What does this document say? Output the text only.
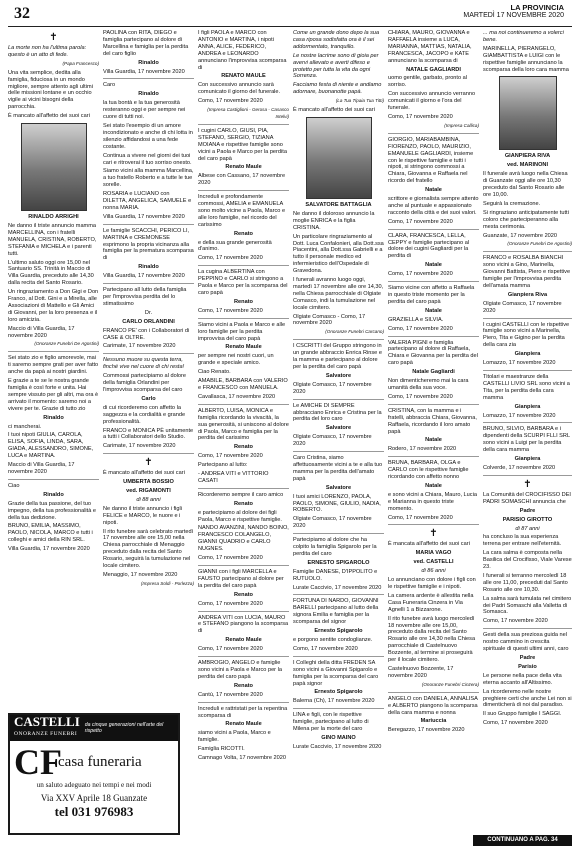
32	LA PROVINCIA
MARTEDÌ 17 NOVEMBRE 2020
✝

La morte non ha l'ultima parola: questo è un atto di fede.

(Papa Francesco)

Una vita semplice, dedita alla famiglia, fiduciosa in un mondo migliore, sempre attento agli ultimi delle missioni lontane e un occhio vigile ai vicini bisogni della parrocchia.

È mancato all'affetto dei suoi cari

RINALDO ARRIGHI

Ne danno il triste annuncio mamma MARCELLINA, con i fratelli MANUELA, CRISTINA, ROBERTO, STEFANIA e MICHELA e i parenti tutti.

L'ultimo saluto oggi ore 15,00 nel Santuario SS. Trinità in Maccio di Villa Guardia, preceduto alle 14,30 dalla recita del Santo Rosario.

Un ringraziamento a Don Gigi e Don Franco, al Dott. Gini e a Mirella, alle Associazioni di Mattello e Gli Amici di Giovanni, per la loro presenza e il loro amicizia.

Maccio di Villa Guardia, 17 novembre 2020

(Onoranze Funebri De Agostini)

Sei stato zio e figlio amorevole, mai ti saremo sempre grati per aver fatto anche da papà ai nostri giardini.

E grazie a te se le nostra grande famiglia è così forte e unita. Hai sempre vissuto per gli altri, ma ora è arrivato il momento: saremo noi a vivere per te. Grazie di tutto zio

Rinaldo

ci mancherai.

I tuoi nipoti GIULIA, CAROLA, ELISA, SOFIA, LINDA, SARA, GIADA, ALESSANDRO, SIMONE, LUCA e MARTINA.

Maccio di Villa Guardia, 17 novembre 2020

Ciao

Rinaldo

Grazie della tua passione, del tuo impegno, della tua professionalità e della tua dedizione.

BRUNO, EMILIA, MASSIMO, PAOLO, NICOLA, MARCO e tutti i colleghi e amici della RIN SRL.

Villa Guardia, 17 novembre 2020

PAOLINA con RITA, DIEGO e famiglia partecipano al dolore di Marcellina e famiglia per la perdita del caro figlio

Rinaldo

Villa Guardia, 17 novembre 2020

Caro

Rinaldo

la tua bontà e la tua generosità resteranno oggi e per sempre nei cuore di tutti noi.

Sei stato l'esempio di un amore incondizionato e anche di chi lotta in silenzio affidandosi a una fede costante.

Continua a vivere nel giorni dei tuoi cari e ritroverai il tuo sorriso onesto.

Siamo vicini alla mamma Marcellina, a tuo fratello Roberto e a tutte le tue sorelle.

ROSARIA e LUCIANO con DILETTA, ANGELICA, SAMUELE e nonna MARIA.

Villa Guardia, 17 novembre 2020

Le famiglie SCACCHI, PERICO LI, MARTINA e CREMONESE esprimono la propria vicinanza alla famiglia per la prematura scomparsa di

Rinaldo

Villa Guardia, 17 novembre 2020

Partecipano all lutto della famiglia per l'improvvisa perdita del lo stimatissimo

Dr.

CARLO ORLANDINI

FRANCO PE' con i Collaboratori di CASE & OLTRE.

Carimate, 17 novembre 2020

Nessuno muore su questa terra, finché vive nel cuore di chi resta!

Commossi partecipiamo al dolore della famiglia Orlandini per l'improvvisa scomparsa del caro

Carlo

di cui ricorderemo con affetto la saggezza e la cordialità e grande professionalità.

FRANCO e MONICA PÈ unitamente a tutti i Collaboratori dello Studio.

Carimate, 17 novembre 2020

✝

È mancato all'affetto dei suoi cari

UMBERTA BOSSIO

ved. RIGAMONTI

di 88 anni

Ne danno il triste annuncio i figli FELICE e MARCO, le nuore e i nipoti.

Il rito funebre sarà celebrato martedì 17 novembre alle ore 15,00 nella Chiesa parrocchiale di Menaggio preceduto dalla recita del Santo Rosario, seguirà la tumulazione nel locale cimitero.

Menaggio, 17 novembre 2020

(Impresa Soldi - Porlezza)

CASTELLI
ONORANZE FUNEBRI
da cinque generazioni nell'arte del rispetto
CF
casa funeraria
un saluto adeguato nei tempi e nei modi
Via XXV Aprile 18 Guanzate
tel 031 976983

I figli PAOLA e MARCO con ANTONIO e MARTINA, i nipoti ANNA, ALICE, FEDERICO, ANDREA e LEONARDO annunciano l'improvvisa scomparsa di

RENATO MAULE

Con successivo annuncio sarà comunicato il giorno del funerale.

Como, 17 novembre 2020

(Impresa Castiglioni - Gerosa - Casasco Intelvi)

I cugini CARLO, GIUSI, PIA, STEFANO, SERGIO, TIZIANA MOIANA e rispettive famiglie sono vicini a Paola e Marco per la perdita del caro papà

Renato Maule

Albese con Cassano, 17 novembre 2020

Increduli e profondamente commossi, AMELIA e EMANUELA sono molto vicine a Paola, Marco e alle loro famiglie, nel ricordo del carissimo

Renato

e della sua grande generosità d'animo.

Como, 17 novembre 2020

La cugina ALBERTINA con PEPPINO e CARLO si stringono a Paola e Marco per la scomparsa del caro papà

Renato

Como, 17 novembre 2020

Siamo vicini a Paola e Marco e alle loro famiglie per la perdita improvvisa del caro papà

Renato Maule

per sempre nei nostri cuori, un grande e speciale amico.

Ciao Renato.

AMABILE, BARBARA con VALERIO e FRANCESCO con MANUELA.

Cavallasca, 17 novembre 2020

ALBERTO, LUISA, MONICA e famiglia ricordando la vivacità, la sua generosità, si uniscono al dolore di Paola, Marco e famiglia per la perdita del carissimo

Renato

Como, 17 novembre 2020

Partecipano al lutto:

- ANDREA VITI e VITTORIO CASATI

Ricorderemo sempre il caro amico

Renato

e partecipiamo al dolore dei figli Paola, Marco e rispettive famiglie.

NANDO AVANZINI, NANDO BOINO, FRANCESCO COLANGELO, GIANNI QUADRIO e CARLO NUGNES.

Como, 17 novembre 2020

GIANNI con i figli MARCELLA e FAUSTO partecipano al dolore per la perdita del caro papà

Renato

Como, 17 novembre 2020

ANDREA VITI con LUCIA, MAURO e STEFANO piangono la scomparsa di

Renato Maule

Como, 17 novembre 2020

AMBROGIO, ANGELO e famiglie sono vicini a Paola e Marco per la perdita del caro papà

Renato

Cantù, 17 novembre 2020

Increduli e rattristati per la repentina scomparsa di

Renato Maule

siamo vicini a Paola, Marco e famiglie.

Famiglia RICOTTI.

Camnago Volta, 17 novembre 2020

Come un grande dono depo la sua casa riposa sodisfatta ora è il sei addormentato, tranquillo.

Le nostre lacrime sono di gioia per avervi allevato e averti difeso e protetto per tutta la vita da ogni Sorrenza.

Facciamo festa di niente e andiamo adornare, buonanotte papà.

(La Tua Tipaia Tua Titti)

È mancato all'affetto dei suoi cari

SALVATORE BATTAGLIA

Ne danno il doloroso annuncio la moglie ENRICA e la figlia CRISTINA.

Un particolare ringraziamento al Dott. Luca Confalonieri, alla Dott.ssa Piacentini, alla Dott.ssa Gabrielli e a tutto il personale medico ed infermieristico dell'Ospedale di Gravedona.

I funerali avranno luogo oggi, martedì 17 novembre alle ore 14,30, nella Chiesa parrocchiale di Olgiate Comasco, indi la tumulazione nel locale cimitero.

Olgiate Comasco - Como, 17 novembre 2020

(Onoranze Funebri Carcano)

I CSCRITTI del Gruppo stringono in un grande abbraccio Enrica Rinse e la mamma e partecipano al dolore per la perdita del caro papà

Salvatore

Olgiate Comasco, 17 novembre 2020

Le AMICHE DI SEMPRE abbracciano Enrica e Cristina per la perdita del loro caro

Salvatore

Olgiate Comasco, 17 novembre 2020

Caro Cristina, siamo affettuosamente vicini a te e alla tuo mamma per la perdita dell'amato papà

Salvatore

I tuoi amici LORENZO, PAOLA, PAOLO, SIMONE, GIULIO, NADIA, ROBERTO.

Olgiate Comasco, 17 novembre 2020

Partecipiamo al dolore che ha colpito la famiglia Spigarolo per la perdita del caro

ERNESTO SPIGAROLO

Famiglie DANESE, D'IPPOLITO e RUTUOLO.

Lurate Caccivio, 17 novembre 2020

FORTUNA DI NARDO, GIOVANNI BARELLI partecipano al lutto della signora Emilia e famiglia per la scomparsa del signor

Ernesto Spigarolo

e porgono sentite condoglianze.

Como, 17 novembre 2020

I Colleghi della ditta FREDEN SA sono vicini a Giovanni Spigarolo e famiglia per la scomparsa del caro papà signor

Ernesto Spigarolo

Balerna (Ch), 17 novembre 2020

LINA e figli, con le rispettive famiglie, partecipano al lutto di Milena per la morte del caro

GINO MAINO

Lurate Caccivio, 17 novembre 2020

CHIARA, MAURO, GIOVANNA e RAFFAELA insieme a LUCA, MARIANNA, MATTIAS, NATALIA, FRANCESCA, JACOPO e KATE annunciano la scomparsa di

NATALE GAGLIARDI

uomo gentile, garbato, pronto al sorriso.

Con successivo annuncio verranno comunicati il giorno e l'ora del funerale.

Como, 17 novembre 2020

(Impresa Callica)

GIORGIO, MARIABAMBINA, FIORENZO, PAOLO, MAURIZIO, EMANUELE GAGLIARDI, insieme con le rispettive famiglie e tutti i nipoti, si stringono commossi a Chiara, Giovanna e Raffaela nel ricordo del fratello

Natale

scrittore e giornalista sempre attento anche al puntuale e appassionato racconto della città e dei suoi valori.

Como, 17 novembre 2020

CLARA, FRANCESCA, LELLA, CEPPY e famiglie partecipano al dolore dei cugini Gagliardi per la perdita di

Natale

Como, 17 novembre 2020

Siamo vicine con affetto a Raffaela in questo triste momento per la perdita del caro papà

Natale

GRAZIELLA e SILVIA.

Como, 17 novembre 2020

VALERIA PIGNI e famiglia partecipano al dolore di Raffaela, Chiara e Giovanna per la perdita del caro papà

Natale Gagliardi

Non dimenticheremo mai la cara umanità della sua voce.

Como, 17 novembre 2020

CRISTINA, con la mamma e i fratelli, abbraccia Chiara, Giovanna, Raffaela, ricordando il loro amato papà

Natale

Rodero, 17 novembre 2020

BRUNA, BARBARA, OLGA e CARLO con le rispettive famiglie ricordando con affetto nonno

Natale

e sono vicini a Chiara, Mauro, Lucia e Marianna in questo triste momento.

Como, 17 novembre 2020

✝

È mancata all'affetto dei suoi cari

MARIA VAGO

ved. CASTELLI

di 86 anni

Lo annunciano con dolore i figli con le rispettive famiglie e i nipoti.

La camera ardente è allestita nella Casa Funeraria Cinzera in Via Agnelli 1 a Bizzarone.

Il rito funebre avrà luogo mercoledì 18 novembre alle ore 15,00, preceduto dalla recita del Santo Rosario alle ore 14,30 nella Chiesa parrocchiale di Castelnuovo Bozzente, al termine si proseguirà per il locale cimitero.

Castelnuovo Bozzente, 17 novembre 2020

(Onoranze Funebri Cinzera)

ANGELO con DANIELA, ANNALISA e ALBERTO piangono la scomparsa della cara mamma e nonna

Mariuccia

Beregazzo, 17 novembre 2020

... ma noi continueremo a volerci bene.

MARINELLA, PIERANGELO, GIAMBATTISTA e LUIGI con le rispettive famiglie annunciano la scomparsa della loro cara mamma

GIANPIERA RIVA

ved. MARINONI

Il funerale avrà luogo nella Chiesa di Guanzate oggi alle ore 10,30 preceduto dal Santo Rosario alle ore 10,00.

Seguirà la cremazione.

Si ringraziano anticipatamente tutti coloro che parteciperanno alla mesta cerimonia.

Guanzate, 17 novembre 2020

(Onoranze Funebri De Agostini)

FRANCO e ROSALBA BIANCHI sono vicini a Gino, Marinella, Giovanni Battista, Piero e rispettive famiglie per l'improvvisa perdita dell'amata mamma

Gianpiera Riva

Olgiate Comasco, 17 novembre 2020

I cugini CASTELLI con le rispettive famiglie sono vicini a Marinella, Piero, Tita e Gigino per la perdita della cara zia

Gianpiera

Lomazzo, 17 novembre 2020

Titolari e maestranze della CASTELLI LIVIO SRL sono vicini a Tita, per la perdita della cara mamma

Gianpiera

Lomazzo, 17 novembre 2020

BRUNO, SILVIO, BARBARA e i dipendenti della SCURPI FLLI SRL sono vicini a Luigi per la perdita della cara mamma

Gianpiera

Colverde, 17 novembre 2020

✝

La Comunità del CROCIFISSO DEI PADRI SOMASCHI annuncia che

Padre

PARISIO GIROTTO

di 87 anni

ha concluso la sua esperienza terrena per entrare nell'eternità.

La cara salma è composta nella Basilica del Crocifisso, Viale Varese 23.

I funerali si terranno mercoledì 18 alle ore 11,00, preceduti dal Santo Rosario alle ore 10,30.

La salma sarà tumulata nel cimitero dei Padri Somaschi alla Valletta di Somasca.

Como, 17 novembre 2020

Gesti della sua preziosa guida nel nostro cammino in crescita spirituale di questi ultimi anni, caro

Padre

Parisio

Le persone nella pace della vita eterna accanto all'Altissimo.

La ricorderemo nelle nostre preghiere certi che anche Lei non si dimenticherà di noi dal paradiso.

Il suo Gruppo famiglie I SAGGI.

Como, 17 novembre 2020

CONTINUANO A PAG. 34
